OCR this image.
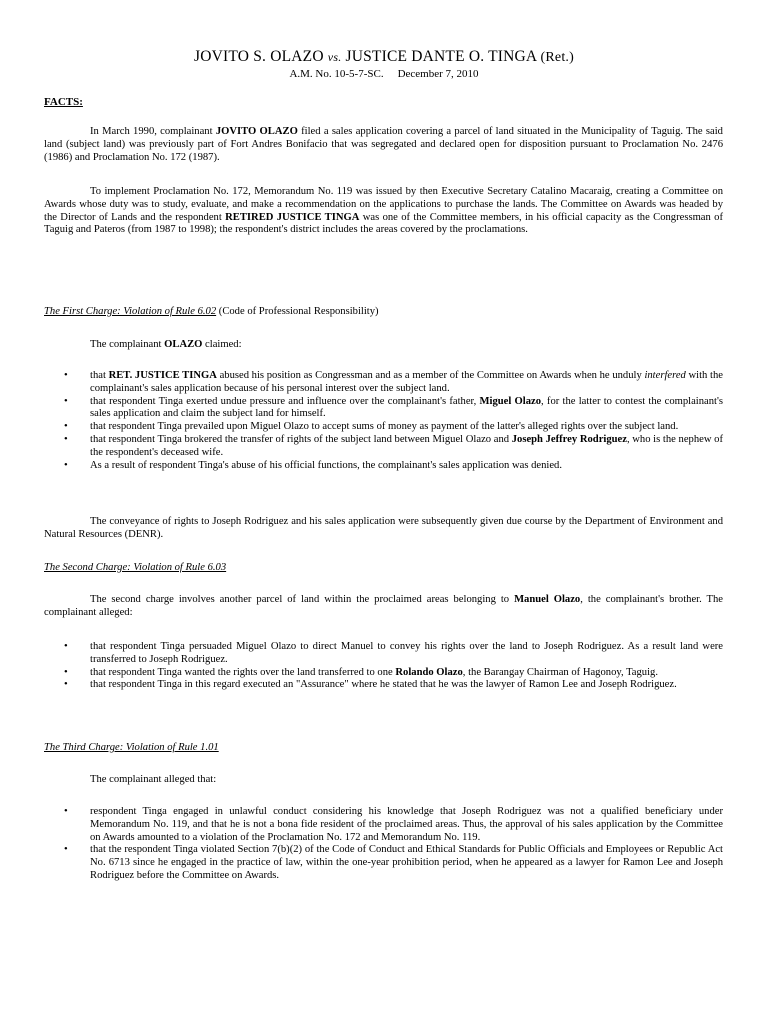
JOVITO S. OLAZO vs. JUSTICE DANTE O. TINGA (Ret.)
A.M. No. 10-5-7-SC. December 7, 2010
FACTS:

In March 1990, complainant JOVITO OLAZO filed a sales application covering a parcel of land situated in the Municipality of Taguig. The said land (subject land) was previously part of Fort Andres Bonifacio that was segregated and declared open for disposition pursuant to Proclamation No. 2476 (1986) and Proclamation No. 172 (1987).

To implement Proclamation No. 172, Memorandum No. 119 was issued by then Executive Secretary Catalino Macaraig, creating a Committee on Awards whose duty was to study, evaluate, and make a recommendation on the applications to purchase the lands. The Committee on Awards was headed by the Director of Lands and the respondent RETIRED JUSTICE TINGA was one of the Committee members, in his official capacity as the Congressman of Taguig and Pateros (from 1987 to 1998); the respondent's district includes the areas covered by the proclamations.

The First Charge: Violation of Rule 6.02 (Code of Professional Responsibility)
The complainant OLAZO claimed:
• that RET. JUSTICE TINGA abused his position as Congressman and as a member of the Committee on Awards when he unduly interfered with the complainant's sales application because of his personal interest over the subject land.
• that respondent Tinga exerted undue pressure and influence over the complainant's father, Miguel Olazo, for the latter to contest the complainant's sales application and claim the subject land for himself.
• that respondent Tinga prevailed upon Miguel Olazo to accept sums of money as payment of the latter's alleged rights over the subject land.
• that respondent Tinga brokered the transfer of rights of the subject land between Miguel Olazo and Joseph Jeffrey Rodriguez, who is the nephew of the respondent's deceased wife.
• As a result of respondent Tinga's abuse of his official functions, the complainant's sales application was denied.

The conveyance of rights to Joseph Rodriguez and his sales application were subsequently given due course by the Department of Environment and Natural Resources (DENR).

The Second Charge: Violation of Rule 6.03

The second charge involves another parcel of land within the proclaimed areas belonging to Manuel Olazo, the complainant's brother. The complainant alleged:

• that respondent Tinga persuaded Miguel Olazo to direct Manuel to convey his rights over the land to Joseph Rodriguez. As a result land were transferred to Joseph Rodriguez.
• that respondent Tinga wanted the rights over the land transferred to one Rolando Olazo, the Barangay Chairman of Hagonoy, Taguig.
• that respondent Tinga in this regard executed an "Assurance" where he stated that he was the lawyer of Ramon Lee and Joseph Rodriguez.
The Third Charge: Violation of Rule 1.01
The complainant alleged that:
• respondent Tinga engaged in unlawful conduct considering his knowledge that Joseph Rodriguez was not a qualified beneficiary under Memorandum No. 119, and that he is not a bona fide resident of the proclaimed areas. Thus, the approval of his sales application by the Committee on Awards amounted to a violation of the Proclamation No. 172 and Memorandum No. 119.
• that the respondent Tinga violated Section 7(b)(2) of the Code of Conduct and Ethical Standards for Public Officials and Employees or Republic Act No. 6713 since he engaged in the practice of law, within the one-year prohibition period, when he appeared as a lawyer for Ramon Lee and Joseph Rodriguez before the Committee on Awards.
